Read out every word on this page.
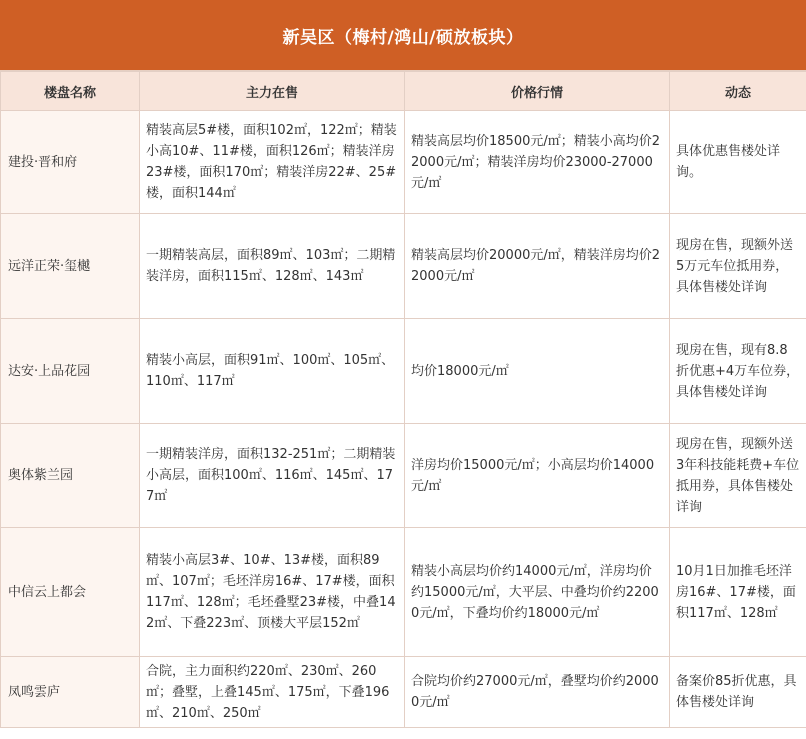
新吴区（梅村/鸿山/硕放板块）
楼盘名称	主力在售	价格行情	动态
建投·晋和府	精装高层5#楼，面积102㎡，122㎡；精装小高10#、11#楼，面积126㎡；精装洋房23#楼，面积170㎡；精装洋房22#、25#楼，面积144㎡	精装高层均价18500元/㎡；精装小高均价22000元/㎡；精装洋房均价23000-27000元/㎡	具体优惠售楼处详询。
远洋正荣·玺樾	一期精装高层，面积89㎡、103㎡；二期精装洋房，面积115㎡、128㎡、143㎡	精装高层均价20000元/㎡，精装洋房均价22000元/㎡	现房在售，现额外送5万元车位抵用券，具体售楼处详询
达安·上品花园	精装小高层，面积91㎡、100㎡、105㎡、110㎡、117㎡	均价18000元/㎡	现房在售，现有8.8折优惠+4万车位券，具体售楼处详询
奥体紫兰园	一期精装洋房，面积132-251㎡；二期精装小高层，面积100㎡、116㎡、145㎡、177㎡	洋房均价15000元/㎡；小高层均价14000元/㎡	现房在售，现额外送3年科技能耗费+车位抵用券，具体售楼处详询
中信云上都会	精装小高层3#、10#、13#楼，面积89㎡、107㎡；毛坯洋房16#、17#楼，面积117㎡、128㎡；毛坯叠墅23#楼，中叠142㎡、下叠223㎡、顶楼大平层152㎡	精装小高层均价约14000元/㎡，洋房均价约15000元/㎡，大平层、中叠均价约22000元/㎡，下叠均价约18000元/㎡	10月1日加推毛坯洋房16#、17#楼，面积117㎡、128㎡
凤鸣雲庐	合院，主力面积约220㎡、230㎡、260㎡；叠墅，上叠145㎡、175㎡，下叠196㎡、210㎡、250㎡	合院均价约27000元/㎡，叠墅均价约20000元/㎡	备案价85折优惠，具体售楼处详询
